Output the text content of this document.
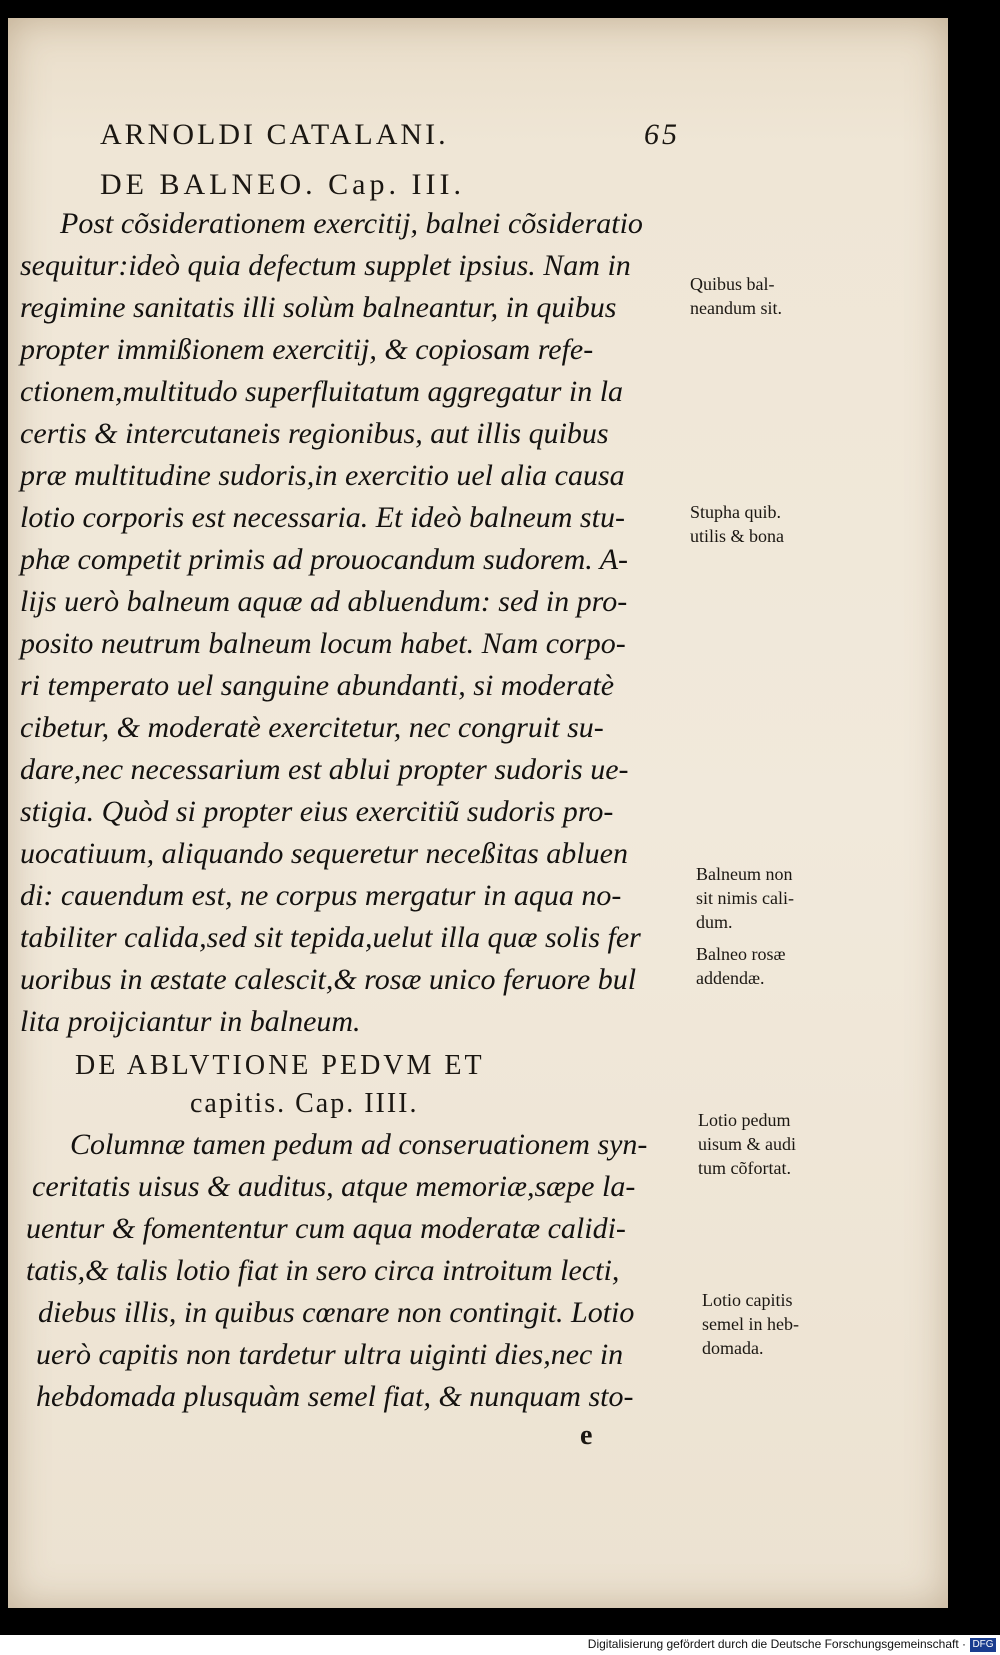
ARNOLDI CATALANI.	65
DE BALNEO. Cap. III.
Post cõsiderationem exercitij, balnei cõsideratio
sequitur:ideò quia defectum supplet ipsius. Nam in
regimine sanitatis illi solùm balneantur, in quibus
propter immißionem exercitij, & copiosam refe-
ctionem,multitudo superfluitatum aggregatur in la
certis & intercutaneis regionibus, aut illis quibus
præ multitudine sudoris,in exercitio uel alia causa
lotio corporis est necessaria. Et ideò balneum stu-
phæ competit primis ad prouocandum sudorem. A-
lijs uerò balneum aquæ ad abluendum: sed in pro-
posito neutrum balneum locum habet. Nam corpo-
ri temperato uel sanguine abundanti, si moderatè
cibetur, & moderatè exercitetur, nec congruit su-
dare,nec necessarium est ablui propter sudoris ue-
stigia. Quòd si propter eius exercitiũ sudoris pro-
uocatiuum, aliquando sequeretur neceßitas abluen
di: cauendum est, ne corpus mergatur in aqua no-
tabiliter calida,sed sit tepida,uelut illa quæ solis fer
uoribus in æstate calescit,& rosæ unico feruore bul
lita proijciantur in balneum.
DE ABLVTIONE PEDVM ET
capitis. Cap. IIII.
Columnæ tamen pedum ad conseruationem syn-
ceritatis uisus & auditus, atque memoriæ,sæpe la-
uentur & fomententur cum aqua moderatæ calidi-
tatis,& talis lotio fiat in sero circa introitum lecti,
diebus illis, in quibus cœnare non contingit. Lotio
uerò capitis non tardetur ultra uiginti dies,nec in
hebdomada plusquàm semel fiat, & nunquam sto-
e
Quibus bal-
neandum sit.
Stupha quib.
utilis & bona
Balneum non
sit nimis cali-
dum.
Balneo rosæ
addendæ.
Lotio pedum
uisum & audi
tum cõfortat.
Lotio capitis
semel in heb-
domada.
Digitalisierung gefördert durch die Deutsche Forschungsgemeinschaft · DFG
